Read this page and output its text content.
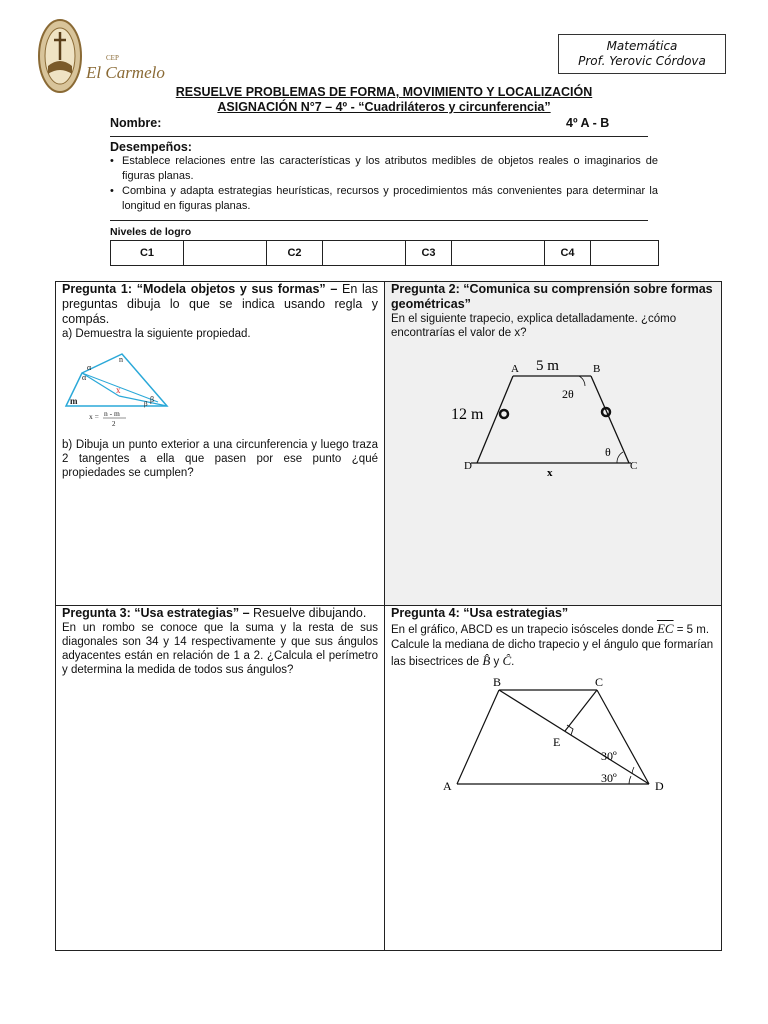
CEP
El Carmelo
Matemática
Prof. Yerovic Córdova
RESUELVE PROBLEMAS DE FORMA, MOVIMIENTO Y LOCALIZACIÓN
ASIGNACIÓN N°7 – 4º - “Cuadriláteros y circunferencia”
Nombre:	4º A - B
Desempeños:
• Establece relaciones entre las características y los atributos medibles de objetos reales o imaginarios de figuras planas.
• Combina y adapta estrategias heurísticas, recursos y procedimientos más convenientes para determinar la longitud en figuras planas.
Niveles de logro
C1		C2		C3		C4	
Pregunta 1: “Modela objetos y sus formas” – En las preguntas dibuja lo que se indica usando regla y compás.
a) Demuestra la siguiente propiedad.
n
α
α
x
m	β
β
x = n - m
2
b) Dibuja un punto exterior a una circunferencia y luego traza 2 tangentes a ella que pasen por ese punto ¿qué propiedades se cumplen?
Pregunta 2: “Comunica su comprensión sobre formas geométricas”
En el siguiente trapecio, explica detalladamente. ¿cómo encontrarías el valor de x?
A	B
C
D
5 m
12 m
2θ
θ
x
Pregunta 3: “Usa estrategias” – Resuelve dibujando.
En un rombo se conoce que la suma y la resta de sus diagonales son 34 y 14 respectivamente y que sus ángulos adyacentes están en relación de 1 a 2. ¿Calcula el perímetro y determina la medida de todos sus ángulos?
Pregunta 4: “Usa estrategias”
En el gráfico, ABCD es un trapecio isósceles donde $\overline{EC} = 5$ m. Calcule la mediana de dicho trapecio y el ángulo que formarían las bisectrices de B̂ y Ĉ.
B	C
A	D
E
30º
30º
